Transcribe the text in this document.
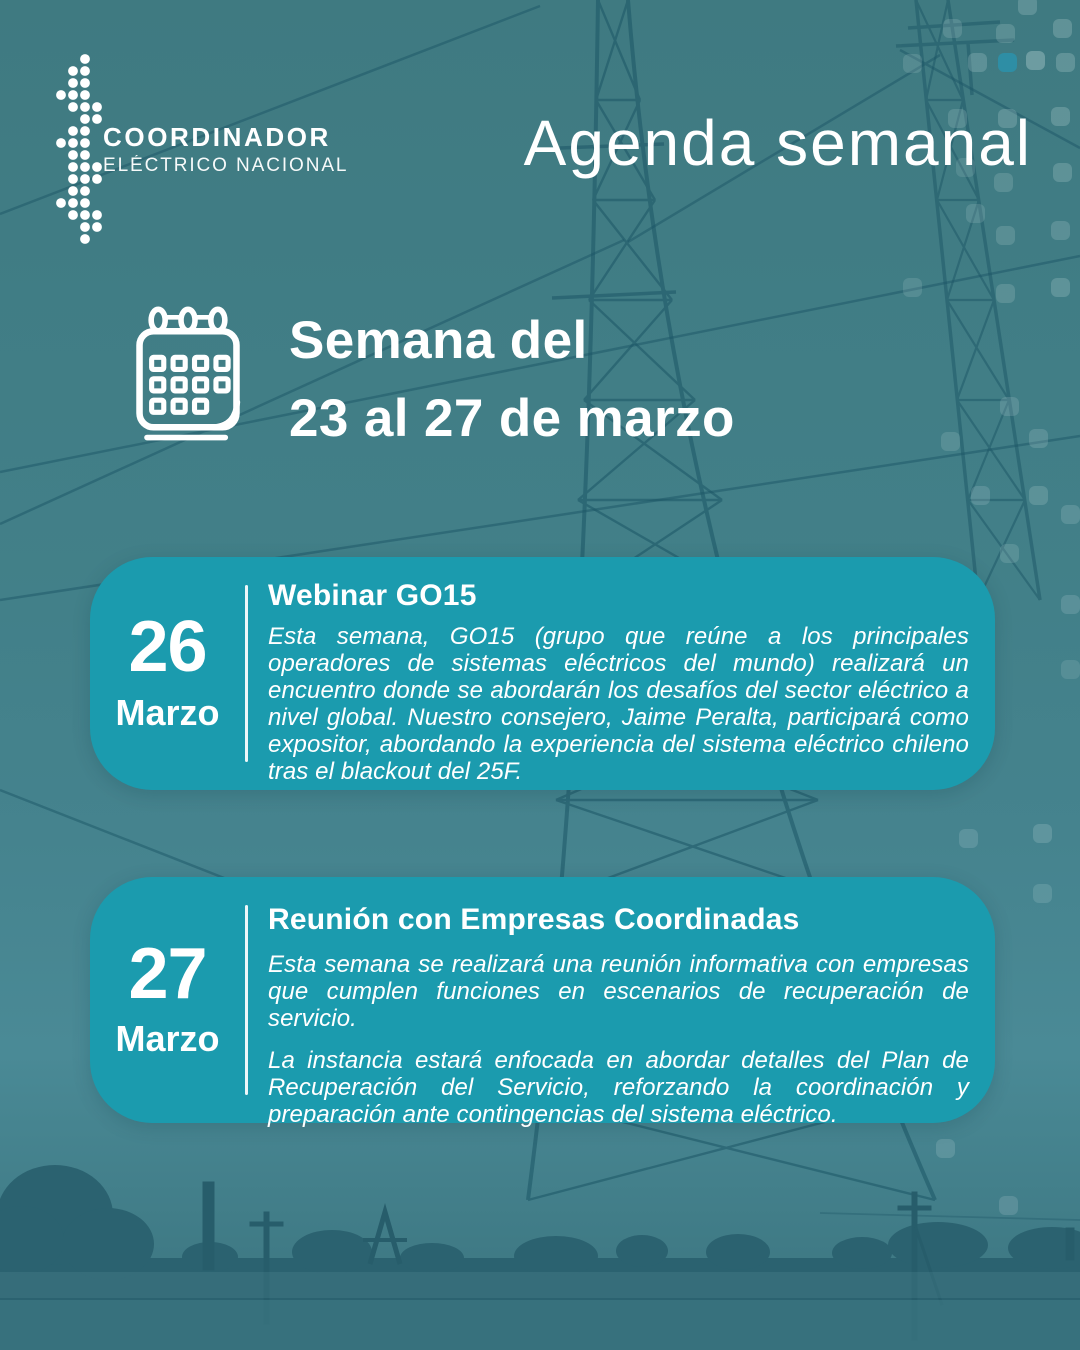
COORDINADOR
ELÉCTRICO NACIONAL	Agenda semanal
Semana del
23 al 27 de marzo
26
Marzo
Webinar GO15

Esta semana, GO15 (grupo que reúne a los principales operadores de sistemas eléctricos del mundo) realizará un encuentro donde se abordarán los desafíos del sector eléctrico a nivel global. Nuestro consejero, Jaime Peralta, participará como expositor, abordando la experiencia del sistema eléctrico chileno tras el blackout del 25F.

27
Marzo
Reunión con Empresas Coordinadas

Esta semana se realizará una reunión informativa con empresas que cumplen funciones en escenarios de recuperación de servicio.

La instancia estará enfocada en abordar detalles del Plan de Recuperación del Servicio, reforzando la coordinación y preparación ante contingencias del sistema eléctrico.
